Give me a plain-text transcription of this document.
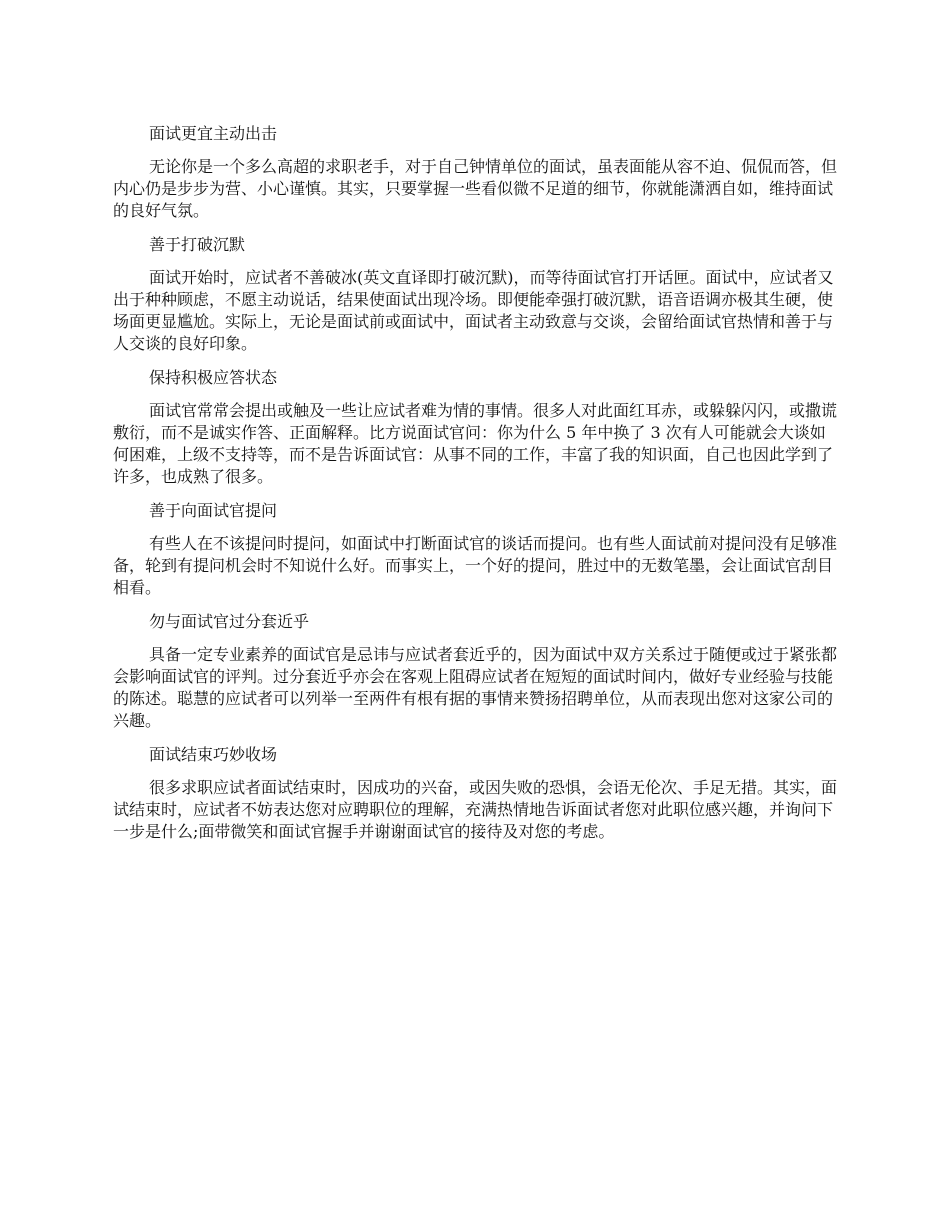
面试更宜主动出击

无论你是一个多么高超的求职老手，对于自己钟情单位的面试，虽表面能从容不迫、侃侃而答，但内心仍是步步为营、小心谨慎。其实，只要掌握一些看似微不足道的细节，你就能潇洒自如，维持面试的良好气氛。

善于打破沉默

面试开始时，应试者不善破冰(英文直译即打破沉默)，而等待面试官打开话匣。面试中，应试者又出于种种顾虑，不愿主动说话，结果使面试出现冷场。即便能牵强打破沉默，语音语调亦极其生硬，使场面更显尴尬。实际上，无论是面试前或面试中，面试者主动致意与交谈，会留给面试官热情和善于与人交谈的良好印象。

保持积极应答状态

面试官常常会提出或触及一些让应试者难为情的事情。很多人对此面红耳赤，或躲躲闪闪，或撒谎敷衍，而不是诚实作答、正面解释。比方说面试官问：你为什么 5 年中换了 3 次有人可能就会大谈如何困难，上级不支持等，而不是告诉面试官：从事不同的工作，丰富了我的知识面，自己也因此学到了许多，也成熟了很多。

善于向面试官提问

有些人在不该提问时提问，如面试中打断面试官的谈话而提问。也有些人面试前对提问没有足够准备，轮到有提问机会时不知说什么好。而事实上，一个好的提问，胜过中的无数笔墨，会让面试官刮目相看。

勿与面试官过分套近乎

具备一定专业素养的面试官是忌讳与应试者套近乎的，因为面试中双方关系过于随便或过于紧张都会影响面试官的评判。过分套近乎亦会在客观上阻碍应试者在短短的面试时间内，做好专业经验与技能的陈述。聪慧的应试者可以列举一至两件有根有据的事情来赞扬招聘单位，从而表现出您对这家公司的兴趣。

面试结束巧妙收场

很多求职应试者面试结束时，因成功的兴奋，或因失败的恐惧，会语无伦次、手足无措。其实，面试结束时，应试者不妨表达您对应聘职位的理解，充满热情地告诉面试者您对此职位感兴趣，并询问下一步是什么;面带微笑和面试官握手并谢谢面试官的接待及对您的考虑。
